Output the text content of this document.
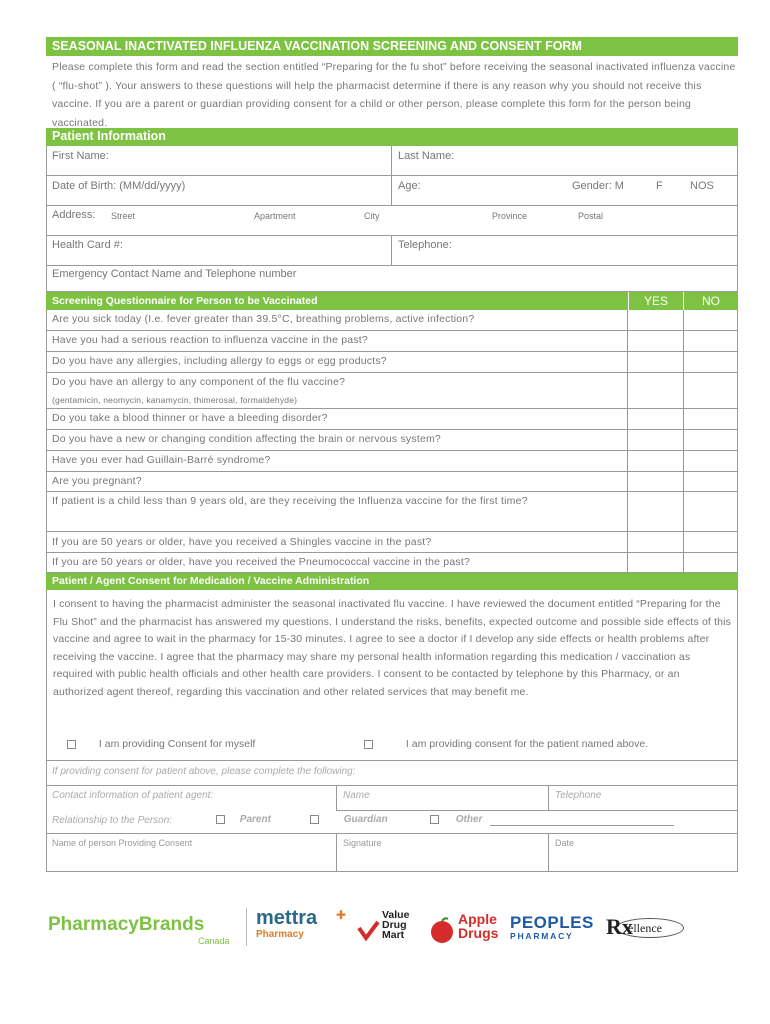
SEASONAL INACTIVATED INFLUENZA VACCINATION SCREENING AND CONSENT FORM
Please complete this form and read the section entitled “Preparing for the fu shot” before receiving the seasonal inactivated influenza vaccine ( “flu-shot” ). Your answers to these questions will help the pharmacist determine if there is any reason why you should not receive this vaccine. If you are a parent or guardian providing consent for a child or other person, please complete this form for the person being vaccinated.
Patient Information
First Name:	Last Name:
Date of Birth: (MM/dd/yyyy)	Age:	Gender: M	F NOS
Address: Street	Apartment	City	Province	Postal
Health Card #:	Telephone:
Emergency Contact Name and Telephone number
Screening Questionnaire for Person to be Vaccinated	YES	NO
Are you sick today (I.e. fever greater than 39.5°C, breathing problems, active infection?
Have you had a serious reaction to influenza vaccine in the past?
Do you have any allergies, including allergy to eggs or egg products?
Do you have an allergy to any component of the flu vaccine?
(gentamicin, neomycin, kanamycin, thimerosal, formaldehyde)
Do you take a blood thinner or have a bleeding disorder?
Do you have a new or changing condition affecting the brain or nervous system?
Have you ever had Guillain-Barré syndrome?
Are you pregnant?
If patient is a child less than 9 years old, are they receiving the Influenza vaccine for the first time?
If you are 50 years or older, have you received a Shingles vaccine in the past?
If you are 50 years or older, have you received the Pneumococcal vaccine in the past?
Patient / Agent Consent for Medication / Vaccine Administration
I consent to having the pharmacist administer the seasonal inactivated flu vaccine. I have reviewed the document entitled “Preparing for the Flu Shot” and the pharmacist has answered my questions. I understand the risks, benefits, expected outcome and possible side effects of this vaccine and agree to wait in the pharmacy for 15-30 minutes. I agree to see a doctor if I develop any side effects or health problems after receiving the vaccine. I agree that the pharmacy may share my personal health information regarding this medication / vaccination as required with public health officials and other health care providers. I consent to be contacted by telephone by this Pharmacy, or an authorized agent thereof, regarding this vaccination and other related services that may benefit me.
I am providing Consent for myself	I am providing consent for the patient named above.
If providing consent for patient above, please complete the following:
Contact information of patient agent:	Name	Telephone
Relationship to the Person:	Parent	Guardian	Other
Name of person Providing Consent	Signature	Date
PharmacyBrands
Canada
mettra
Pharmacy
✚	Value
Drug
Mart
Apple
Drugs
PEOPLES
PHARMACY	Rx
ellence
